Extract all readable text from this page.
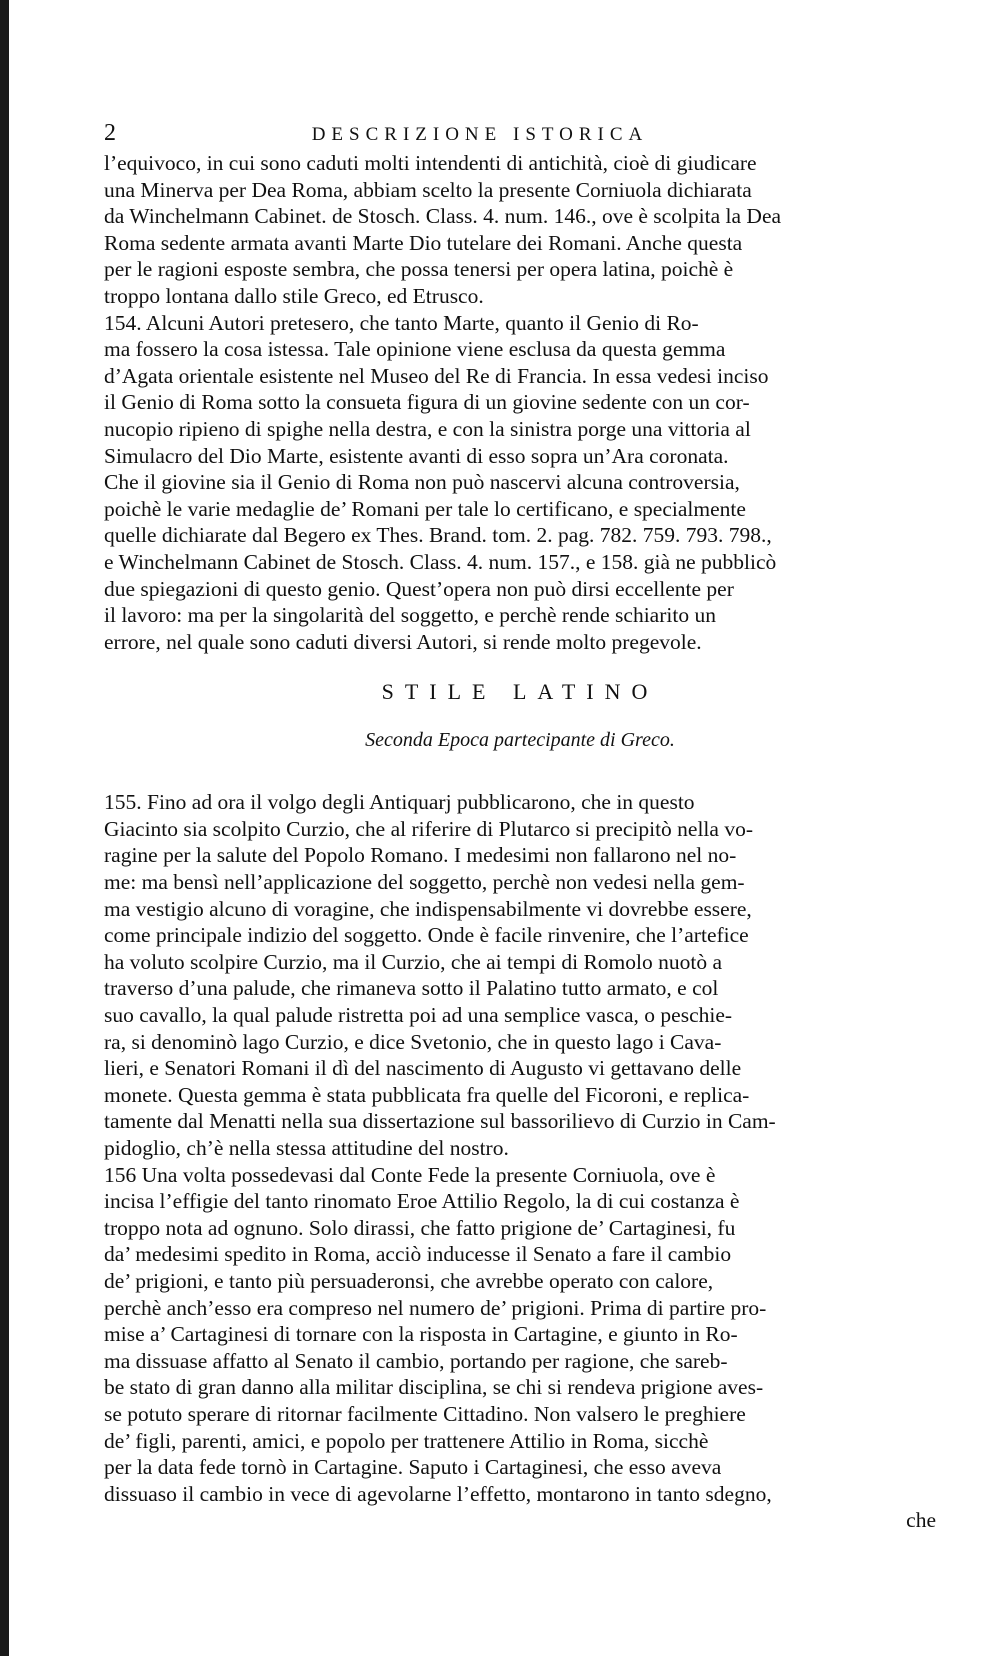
2	DESCRIZIONE ISTORICA
l’equivoco, in cui sono caduti molti intendenti di antichità, cioè di giudicare
una Minerva per Dea Roma, abbiam scelto la presente Corniuola dichiarata
da Winchelmann Cabinet. de Stosch. Class. 4. num. 146., ove è scolpita la Dea
Roma sedente armata avanti Marte Dio tutelare dei Romani. Anche questa
per le ragioni esposte sembra, che possa tenersi per opera latina, poichè è
troppo lontana dallo stile Greco, ed Etrusco.
154. Alcuni Autori pretesero, che tanto Marte, quanto il Genio di Ro-
ma fossero la cosa istessa. Tale opinione viene esclusa da questa gemma
d’Agata orientale esistente nel Museo del Re di Francia. In essa vedesi inciso
il Genio di Roma sotto la consueta figura di un giovine sedente con un cor-
nucopio ripieno di spighe nella destra, e con la sinistra porge una vittoria al
Simulacro del Dio Marte, esistente avanti di esso sopra un’Ara coronata.
Che il giovine sia il Genio di Roma non può nascervi alcuna controversia,
poichè le varie medaglie de’ Romani per tale lo certificano, e specialmente
quelle dichiarate dal Begero ex Thes. Brand. tom. 2. pag. 782. 759. 793. 798.,
e Winchelmann Cabinet de Stosch. Class. 4. num. 157., e 158. già ne pubblicò
due spiegazioni di questo genio. Quest’opera non può dirsi eccellente per
il lavoro: ma per la singolarità del soggetto, e perchè rende schiarito un
errore, nel quale sono caduti diversi Autori, si rende molto pregevole.
STILE LATINO
Seconda Epoca partecipante di Greco.
155. Fino ad ora il volgo degli Antiquarj pubblicarono, che in questo
Giacinto sia scolpito Curzio, che al riferire di Plutarco si precipitò nella vo-
ragine per la salute del Popolo Romano. I medesimi non fallarono nel no-
me: ma bensì nell’applicazione del soggetto, perchè non vedesi nella gem-
ma vestigio alcuno di voragine, che indispensabilmente vi dovrebbe essere,
come principale indizio del soggetto. Onde è facile rinvenire, che l’artefice
ha voluto scolpire Curzio, ma il Curzio, che ai tempi di Romolo nuotò a
traverso d’una palude, che rimaneva sotto il Palatino tutto armato, e col
suo cavallo, la qual palude ristretta poi ad una semplice vasca, o peschie-
ra, si denominò lago Curzio, e dice Svetonio, che in questo lago i Cava-
lieri, e Senatori Romani il dì del nascimento di Augusto vi gettavano delle
monete. Questa gemma è stata pubblicata fra quelle del Ficoroni, e replica-
tamente dal Menatti nella sua dissertazione sul bassorilievo di Curzio in Cam-
pidoglio, ch’è nella stessa attitudine del nostro.
156 Una volta possedevasi dal Conte Fede la presente Corniuola, ove è
incisa l’effigie del tanto rinomato Eroe Attilio Regolo, la di cui costanza è
troppo nota ad ognuno. Solo dirassi, che fatto prigione de’ Cartaginesi, fu
da’ medesimi spedito in Roma, acciò inducesse il Senato a fare il cambio
de’ prigioni, e tanto più persuaderonsi, che avrebbe operato con calore,
perchè anch’esso era compreso nel numero de’ prigioni. Prima di partire pro-
mise a’ Cartaginesi di tornare con la risposta in Cartagine, e giunto in Ro-
ma dissuase affatto al Senato il cambio, portando per ragione, che sareb-
be stato di gran danno alla militar disciplina, se chi si rendeva prigione aves-
se potuto sperare di ritornar facilmente Cittadino. Non valsero le preghiere
de’ figli, parenti, amici, e popolo per trattenere Attilio in Roma, sicchè
per la data fede tornò in Cartagine. Saputo i Cartaginesi, che esso aveva
dissuaso il cambio in vece di agevolarne l’effetto, montarono in tanto sdegno,
che
